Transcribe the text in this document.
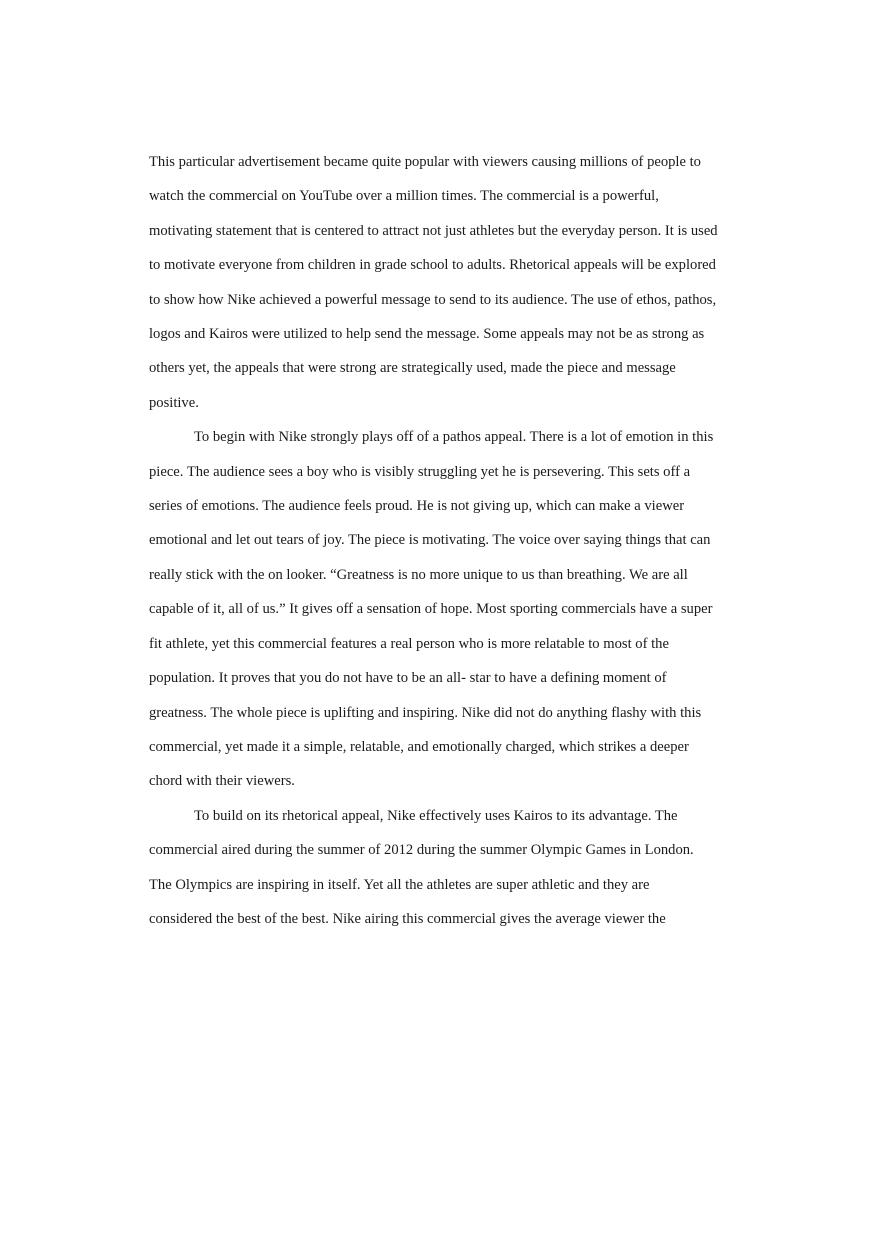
This particular advertisement became quite popular with viewers causing millions of people to
watch the commercial on YouTube over a million times. The commercial is a powerful,
motivating statement that is centered to attract not just athletes but the everyday person. It is used
to motivate everyone from children in grade school to adults. Rhetorical appeals will be explored
to show how Nike achieved a powerful message to send to its audience. The use of ethos, pathos,
logos and Kairos were utilized to help send the message. Some appeals may not be as strong as
others yet, the appeals that were strong are strategically used, made the piece and message
positive.
To begin with Nike strongly plays off of a pathos appeal. There is a lot of emotion in this
piece. The audience sees a boy who is visibly struggling yet he is persevering. This sets off a
series of emotions. The audience feels proud. He is not giving up, which can make a viewer
emotional and let out tears of joy. The piece is motivating. The voice over saying things that can
really stick with the on looker. “Greatness is no more unique to us than breathing. We are all
capable of it, all of us.” It gives off a sensation of hope. Most sporting commercials have a super
fit athlete, yet this commercial features a real person who is more relatable to most of the
population. It proves that you do not have to be an all- star to have a defining moment of
greatness. The whole piece is uplifting and inspiring. Nike did not do anything flashy with this
commercial, yet made it a simple, relatable, and emotionally charged, which strikes a deeper
chord with their viewers.
To build on its rhetorical appeal, Nike effectively uses Kairos to its advantage. The
commercial aired during the summer of 2012 during the summer Olympic Games in London.
The Olympics are inspiring in itself. Yet all the athletes are super athletic and they are
considered the best of the best. Nike airing this commercial gives the average viewer the
